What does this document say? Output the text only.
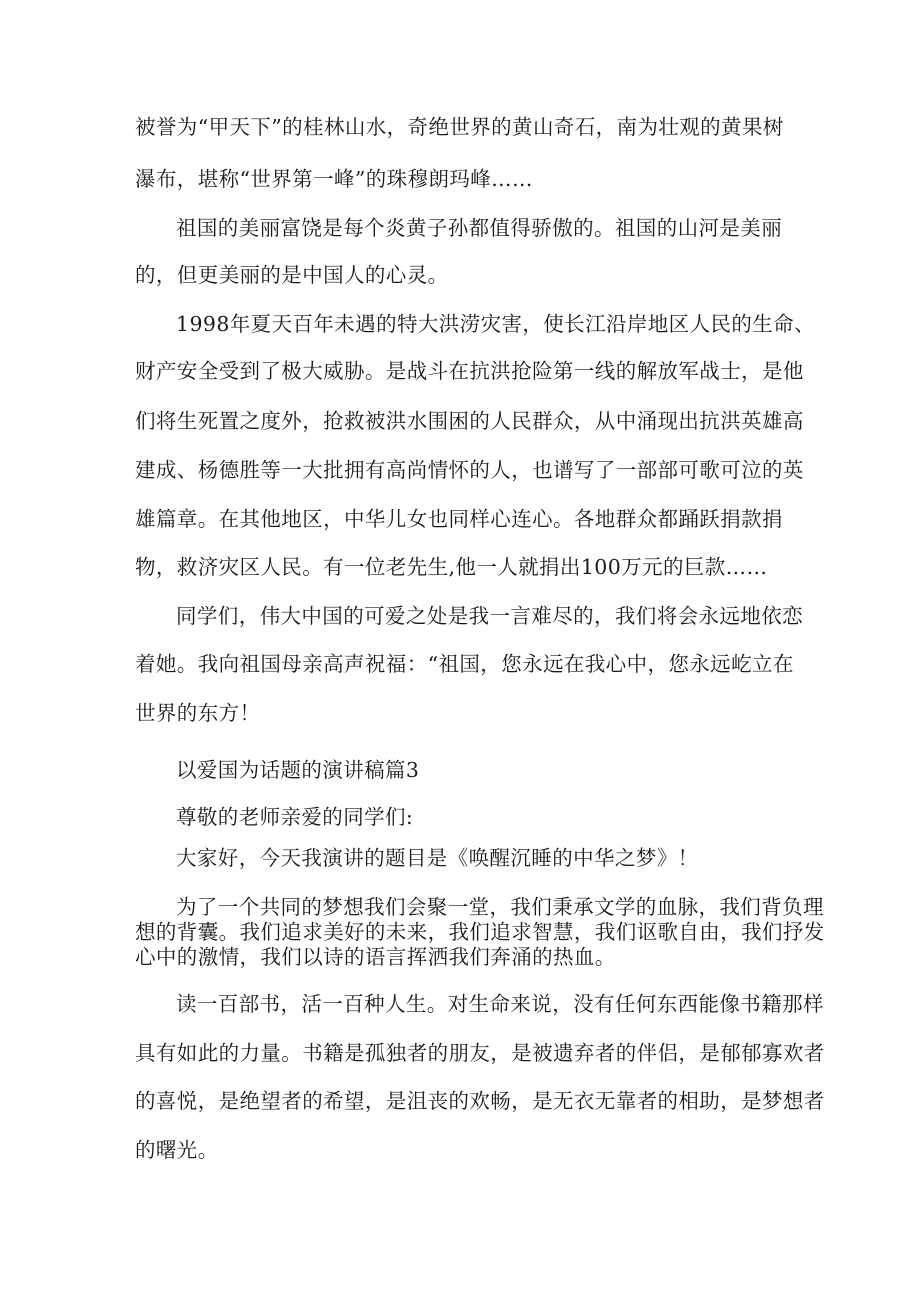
被誉为“甲天下”的桂林山水，奇绝世界的黄山奇石，南为壮观的黄果树
瀑布，堪称“世界第一峰”的珠穆朗玛峰……
祖国的美丽富饶是每个炎黄子孙都值得骄傲的。祖国的山河是美丽
的，但更美丽的是中国人的心灵。
1998年夏天百年未遇的特大洪涝灾害，使长江沿岸地区人民的生命、
财产安全受到了极大威胁。是战斗在抗洪抢险第一线的解放军战士，是他
们将生死置之度外，抢救被洪水围困的人民群众，从中涌现出抗洪英雄高
建成、杨德胜等一大批拥有高尚情怀的人，也谱写了一部部可歌可泣的英
雄篇章。在其他地区，中华儿女也同样心连心。各地群众都踊跃捐款捐
物，救济灾区人民。有一位老先生,他一人就捐出100万元的巨款……
同学们，伟大中国的可爱之处是我一言难尽的，我们将会永远地依恋
着她。我向祖国母亲高声祝福：“祖国，您永远在我心中，您永远屹立在
世界的东方！
以爱国为话题的演讲稿篇3
尊敬的老师亲爱的同学们:
大家好，今天我演讲的题目是《唤醒沉睡的中华之梦》！
为了一个共同的梦想我们会聚一堂，我们秉承文学的血脉，我们背负理
想的背囊。我们追求美好的未来，我们追求智慧，我们讴歌自由，我们抒发
心中的激情，我们以诗的语言挥洒我们奔涌的热血。
读一百部书，活一百种人生。对生命来说，没有任何东西能像书籍那样
具有如此的力量。书籍是孤独者的朋友，是被遗弃者的伴侣，是郁郁寡欢者
的喜悦，是绝望者的希望，是沮丧的欢畅，是无衣无靠者的相助，是梦想者
的曙光。
